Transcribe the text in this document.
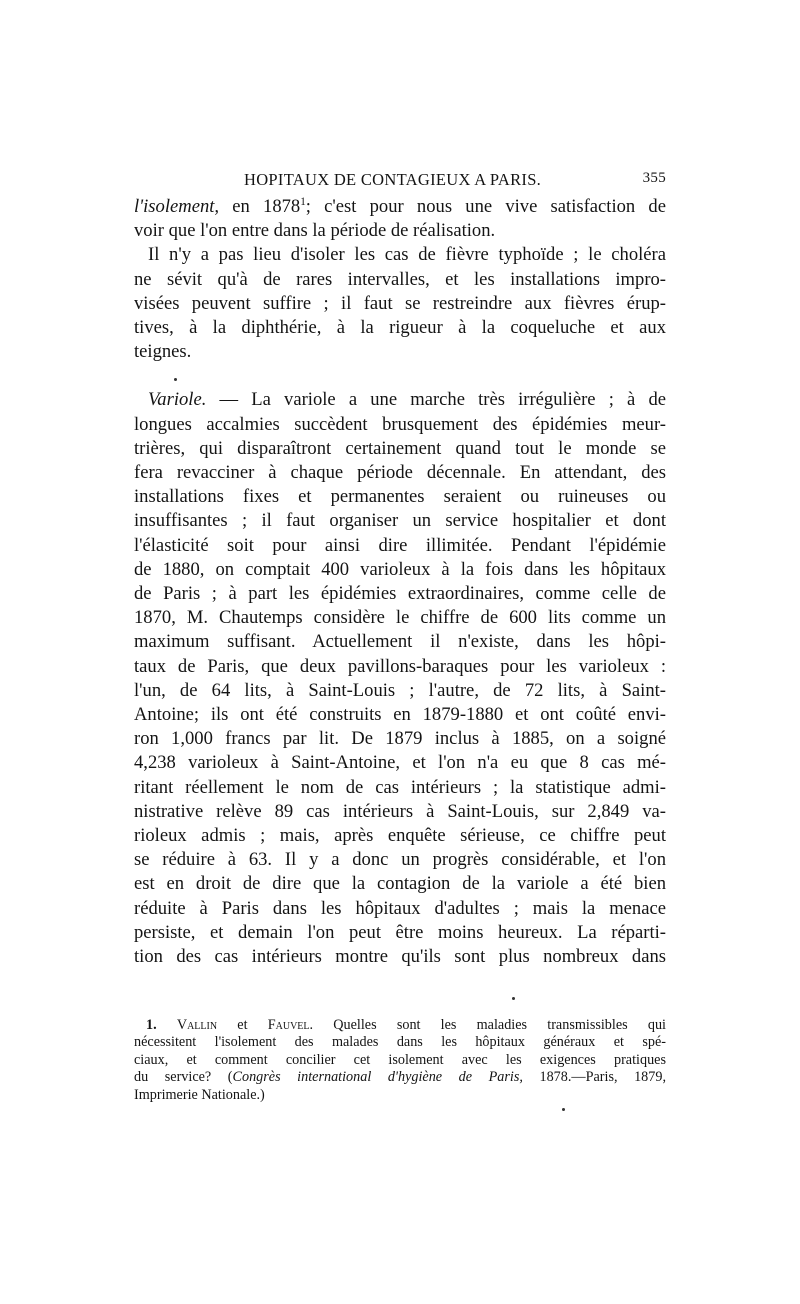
HOPITAUX DE CONTAGIEUX A PARIS.	355
l'isolement, en 1878$^1$; c'est pour nous une vive satisfaction de
voir que l'on entre dans la période de réalisation.
Il n'y a pas lieu d'isoler les cas de fièvre typhoïde ; le choléra
ne sévit qu'à de rares intervalles, et les installations impro-
visées peuvent suffire ; il faut se restreindre aux fièvres érup-
tives, à la diphthérie, à la rigueur à la coqueluche et aux
teignes.
Variole. — La variole a une marche très irrégulière ; à de
longues accalmies succèdent brusquement des épidémies meur-
trières, qui disparaîtront certainement quand tout le monde se
fera revacciner à chaque période décennale. En attendant, des
installations fixes et permanentes seraient ou ruineuses ou
insuffisantes ; il faut organiser un service hospitalier et dont
l'élasticité soit pour ainsi dire illimitée. Pendant l'épidémie
de 1880, on comptait 400 varioleux à la fois dans les hôpitaux
de Paris ; à part les épidémies extraordinaires, comme celle de
1870, M. Chautemps considère le chiffre de 600 lits comme un
maximum suffisant. Actuellement il n'existe, dans les hôpi-
taux de Paris, que deux pavillons-baraques pour les varioleux :
l'un, de 64 lits, à Saint-Louis ; l'autre, de 72 lits, à Saint-
Antoine; ils ont été construits en 1879-1880 et ont coûté envi-
ron 1,000 francs par lit. De 1879 inclus à 1885, on a soigné
4,238 varioleux à Saint-Antoine, et l'on n'a eu que 8 cas mé-
ritant réellement le nom de cas intérieurs ; la statistique admi-
nistrative relève 89 cas intérieurs à Saint-Louis, sur 2,849 va-
rioleux admis ; mais, après enquête sérieuse, ce chiffre peut
se réduire à 63. Il y a donc un progrès considérable, et l'on
est en droit de dire que la contagion de la variole a été bien
réduite à Paris dans les hôpitaux d'adultes ; mais la menace
persiste, et demain l'on peut être moins heureux. La réparti-
tion des cas intérieurs montre qu'ils sont plus nombreux dans
1. Vallin et Fauvel. Quelles sont les maladies transmissibles qui
nécessitent l'isolement des malades dans les hôpitaux généraux et spé-
ciaux, et comment concilier cet isolement avec les exigences pratiques
du service? (Congrès international d'hygiène de Paris, 1878.—Paris, 1879,
Imprimerie Nationale.)
